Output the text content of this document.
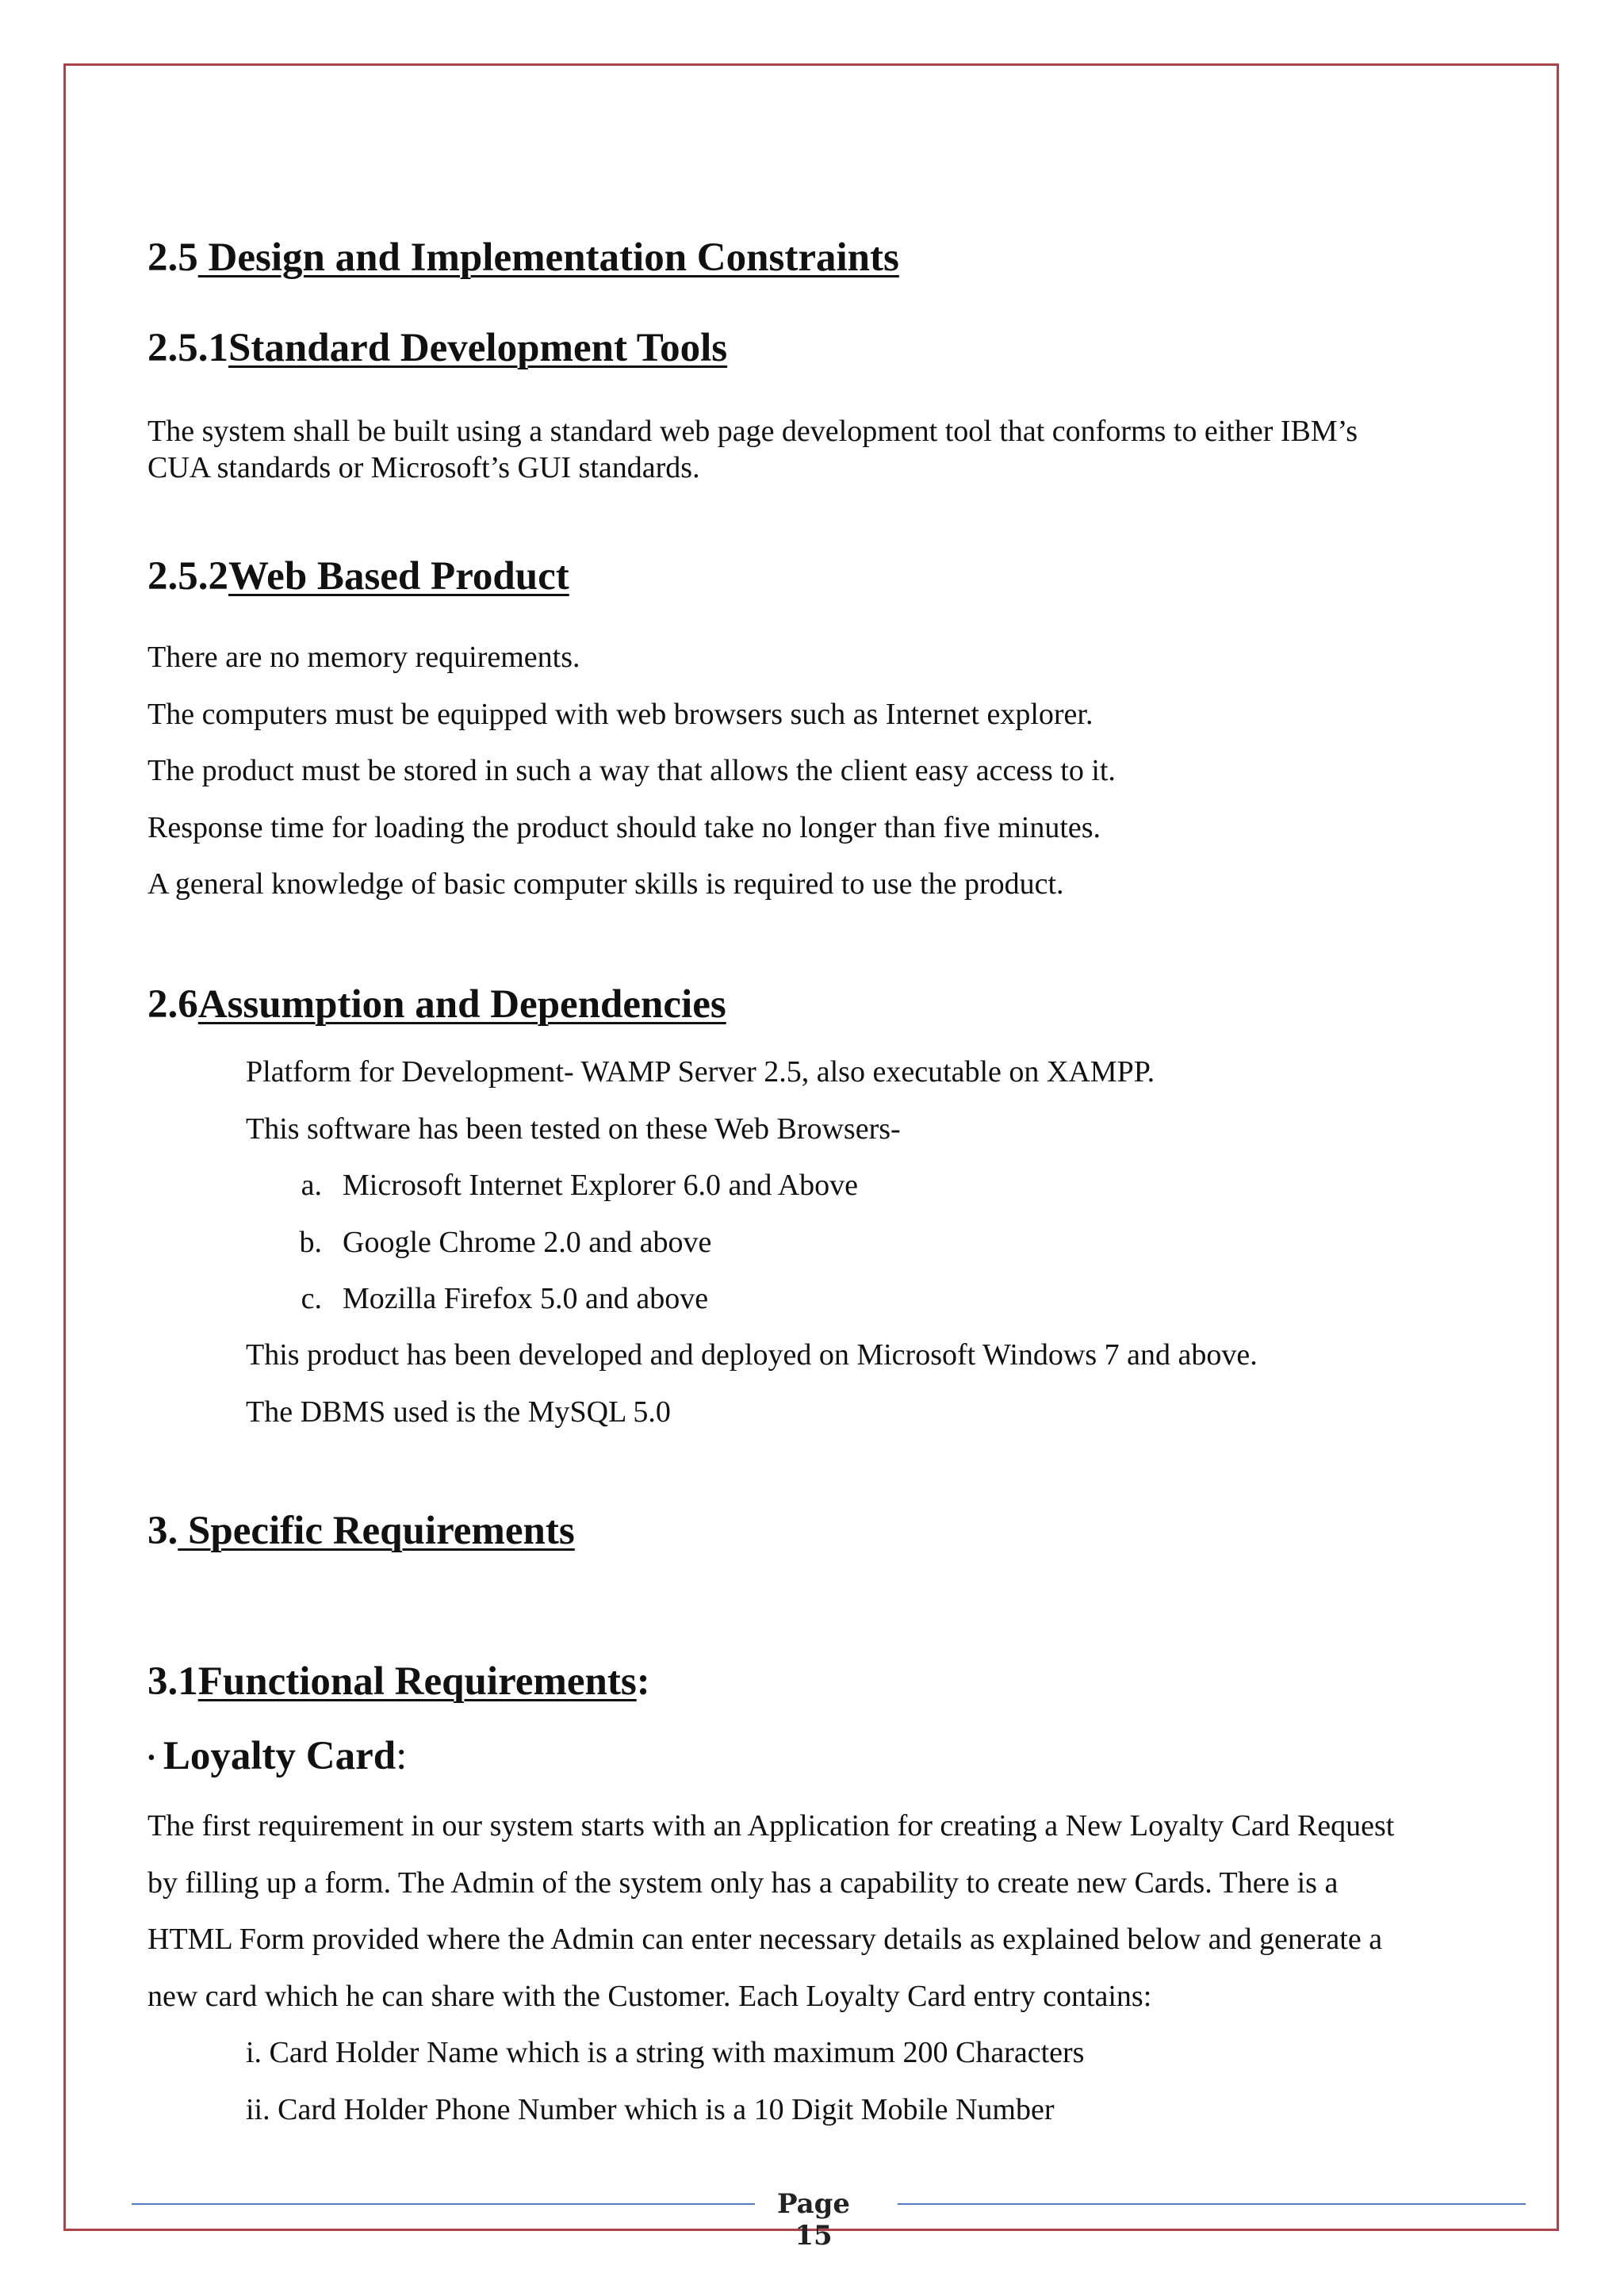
2.5 Design and Implementation Constraints
2.5.1Standard Development Tools
The system shall be built using a standard web page development tool that conforms to either IBM’s
CUA standards or Microsoft’s GUI standards.
2.5.2Web Based Product
There are no memory requirements.
The computers must be equipped with web browsers such as Internet explorer.
The product must be stored in such a way that allows the client easy access to it.
Response time for loading the product should take no longer than five minutes.
A general knowledge of basic computer skills is required to use the product.
2.6Assumption and Dependencies
Platform for Development- WAMP Server 2.5, also executable on XAMPP.
This software has been tested on these Web Browsers-
a. Microsoft Internet Explorer 6.0 and Above
b. Google Chrome 2.0 and above
c. Mozilla Firefox 5.0 and above
This product has been developed and deployed on Microsoft Windows 7 and above.
The DBMS used is the MySQL 5.0
3. Specific Requirements
3.1Functional Requirements:
• Loyalty Card:
The first requirement in our system starts with an Application for creating a New Loyalty Card Request
by filling up a form. The Admin of the system only has a capability to create new Cards. There is a
HTML Form provided where the Admin can enter necessary details as explained below and generate a
new card which he can share with the Customer. Each Loyalty Card entry contains:
i. Card Holder Name which is a string with maximum 200 Characters
ii. Card Holder Phone Number which is a 10 Digit Mobile Number
Page 15
